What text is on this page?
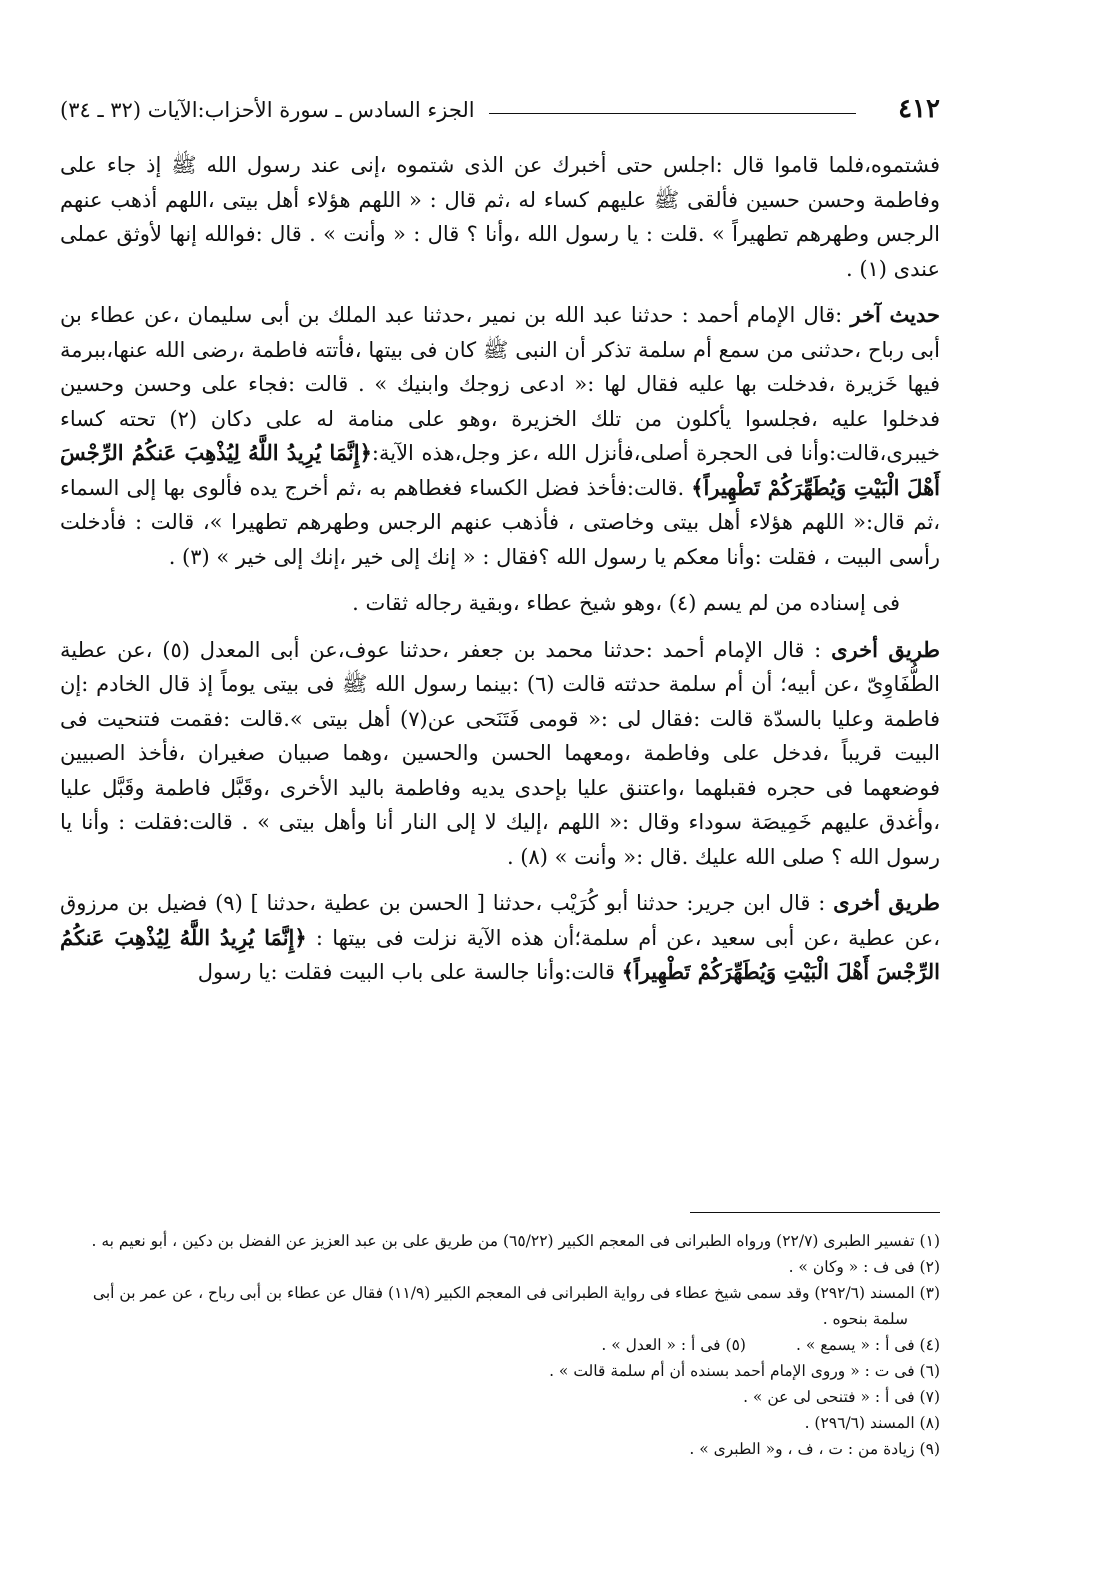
٤١٢
الجزء السادس ـ سورة الأحزاب:الآيات (٣٢ ـ ٣٤)

فشتموه،فلما قاموا قال :اجلس حتى أخبرك عن الذى شتموه ،إنى عند رسول الله ﷺ إذ جاء على وفاطمة وحسن حسين فألقى ﷺ عليهم كساء له ،ثم قال : « اللهم هؤلاء أهل بيتى ،اللهم أذهب عنهم الرجس وطهرهم تطهيراً » .قلت : يا رسول الله ،وأنا ؟ قال : « وأنت » . قال :فوالله إنها لأوثق عملى عندى (١) .

حديث آخر :قال الإمام أحمد : حدثنا عبد الله بن نمير ،حدثنا عبد الملك بن أبى سليمان ،عن عطاء بن أبى رباح ،حدثنى من سمع أم سلمة تذكر أن النبى ﷺ كان فى بيتها ،فأتته فاطمة ،رضى الله عنها،ببرمة فيها خَزيرة ،فدخلت بها عليه فقال لها :« ادعى زوجك وابنيك » . قالت :فجاء على وحسن وحسين فدخلوا عليه ،فجلسوا يأكلون من تلك الخزيرة ،وهو على منامة له على دكان (٢) تحته كساء خيبرى،قالت:وأنا فى الحجرة أصلى،فأنزل الله ،عز وجل،هذه الآية:﴿إِنَّمَا يُرِيدُ اللَّهُ لِيُذْهِبَ عَنكُمُ الرِّجْسَ أَهْلَ الْبَيْتِ وَيُطَهِّرَكُمْ تَطْهِيراً﴾ .قالت:فأخذ فضل الكساء فغطاهم به ،ثم أخرج يده فألوى بها إلى السماء ،ثم قال:« اللهم هؤلاء أهل بيتى وخاصتى ، فأذهب عنهم الرجس وطهرهم تطهيرا »، قالت : فأدخلت رأسى البيت ، فقلت :وأنا معكم يا رسول الله ؟فقال : « إنك إلى خير ،إنك إلى خير » (٣) .

فى إسناده من لم يسم (٤) ،وهو شيخ عطاء ،وبقية رجاله ثقات .

طريق أخرى : قال الإمام أحمد :حدثنا محمد بن جعفر ،حدثنا عوف،عن أبى المعدل (٥) ،عن عطية الطُّفَاوِىّ ،عن أبيه؛ أن أم سلمة حدثته قالت (٦) :بينما رسول الله ﷺ فى بيتى يوماً إذ قال الخادم :إن فاطمة وعليا بالسدّة قالت :فقال لى :« قومى فَتَنَحى عن(٧) أهل بيتى ».قالت :فقمت فتنحيت فى البيت قريباً ،فدخل على وفاطمة ،ومعهما الحسن والحسين ،وهما صبيان صغيران ،فأخذ الصبيين فوضعهما فى حجره فقبلهما ،واعتنق عليا بإحدى يديه وفاطمة باليد الأخرى ،وقَبَّل فاطمة وقَبَّل عليا ،وأغدق عليهم خَمِيصَة سوداء وقال :« اللهم ،إليك لا إلى النار أنا وأهل بيتى » . قالت:فقلت : وأنا يا رسول الله ؟ صلى الله عليك .قال :« وأنت » (٨) .

طريق أخرى : قال ابن جرير: حدثنا أبو كُرَيْب ،حدثنا [ الحسن بن عطية ،حدثنا ] (٩) فضيل بن مرزوق ،عن عطية ،عن أبى سعيد ،عن أم سلمة؛أن هذه الآية نزلت فى بيتها : ﴿إِنَّمَا يُرِيدُ اللَّهُ لِيُذْهِبَ عَنكُمُ الرِّجْسَ أَهْلَ الْبَيْتِ وَيُطَهِّرَكُمْ تَطْهِيراً﴾ قالت:وأنا جالسة على باب البيت فقلت :يا رسول

(١) تفسير الطبرى (٢٢/٧) ورواه الطبرانى فى المعجم الكبير (٦٥/٢٢) من طريق على بن عبد العزيز عن الفضل بن دكين ، أبو نعيم به .
(٢) فى ف : « وكان » .
(٣) المسند (٢٩٢/٦) وقد سمى شيخ عطاء فى رواية الطبرانى فى المعجم الكبير (١١/٩) فقال عن عطاء بن أبى رباح ، عن عمر بن أبى
سلمة بنحوه .
(٤) فى أ : « يسمع » .(٥) فى أ : « العدل » .
(٦) فى ت : « وروى الإمام أحمد بسنده أن أم سلمة قالت » .
(٧) فى أ : « فتنحى لى عن » .
(٨) المسند (٢٩٦/٦) .
(٩) زيادة من : ت ، ف ، و« الطبرى » .
